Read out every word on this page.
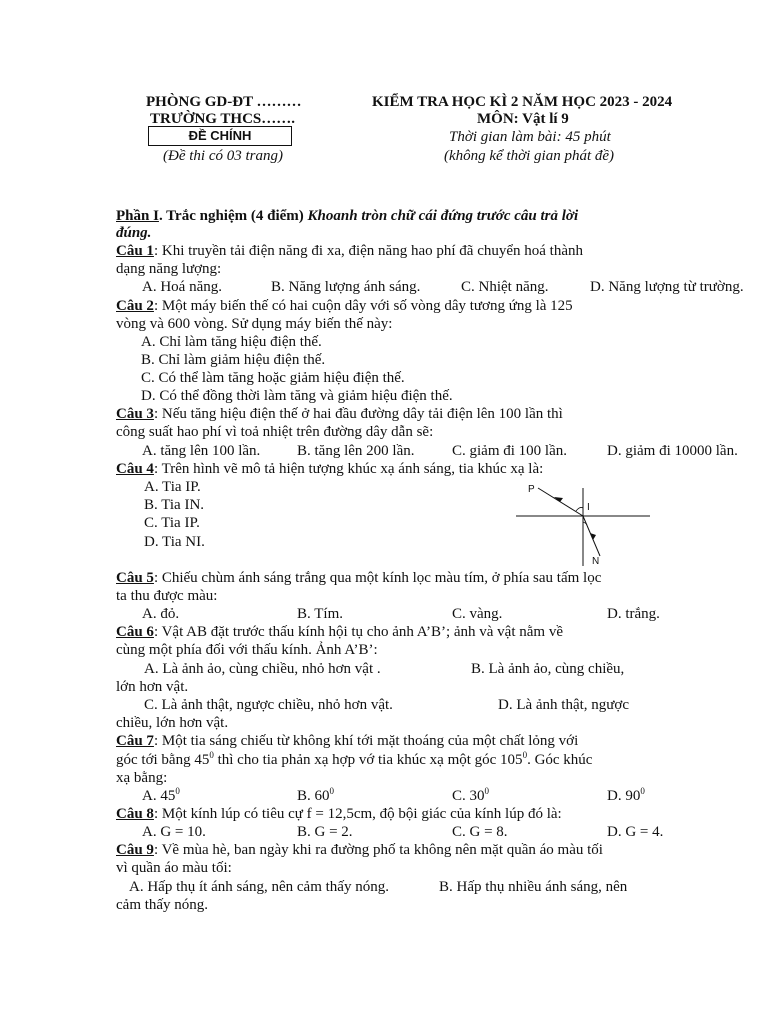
PHÒNG GD-ĐT ………
TRƯỜNG THCS…….
ĐỀ CHÍNH
(Đề thi có 03 trang)
KIỂM TRA HỌC KÌ 2 NĂM HỌC 2023 - 2024
MÔN: Vật lí 9
Thời gian làm bài: 45 phút
(không kể thời gian phát đề)
Phần I. Trắc nghiệm (4 điểm) Khoanh tròn chữ cái đứng trước câu trả lời
đúng.
Câu 1: Khi truyền tải điện năng đi xa, điện năng hao phí đã chuyển hoá thành
dạng năng lượng:
A. Hoá năng.	B. Năng lượng ánh sáng.	C. Nhiệt năng.	D. Năng lượng từ trường.
Câu 2: Một máy biến thế có hai cuộn dây với số vòng dây tương ứng là 125
vòng và 600 vòng. Sử dụng máy biến thế này:
A. Chỉ làm tăng hiệu điện thế.
B. Chỉ làm giảm hiệu điện thế.
C. Có thể làm tăng hoặc giảm hiệu điện thế.
D. Có thể đồng thời làm tăng và giảm hiệu điện thế.
Câu 3: Nếu tăng hiệu điện thế ở hai đầu đường dây tải điện lên 100 lần thì
công suất hao phí vì toả nhiệt trên đường dây dẫn sẽ:
A. tăng lên 100 lần. B. tăng lên 200 lần.	C. giảm đi 100 lần.	D. giảm đi 10000 lần.
Câu 4: Trên hình vẽ mô tả hiện tượng khúc xạ ánh sáng, tia khúc xạ là:
A. Tia IP.
B. Tia IN.
C. Tia IP.
D. Tia NI.
P
I
N
Câu 5: Chiếu chùm ánh sáng trắng qua một kính lọc màu tím, ở phía sau tấm lọc
ta thu được màu:
A. đỏ.	B. Tím.	C. vàng.	D. trắng.
Câu 6: Vật AB đặt trước thấu kính hội tụ cho ảnh A’B’; ảnh và vật nằm về
cùng một phía đối với thấu kính. Ảnh A’B’:
A. Là ảnh ảo, cùng chiều, nhỏ hơn vật .	B. Là ảnh ảo, cùng chiều,
lớn hơn vật.
C. Là ảnh thật, ngược chiều, nhỏ hơn vật.	D. Là ảnh thật, ngược
chiều, lớn hơn vật.
Câu 7: Một tia sáng chiếu từ không khí tới mặt thoáng của một chất lỏng với
góc tới bằng $45^0$ thì cho tia phản xạ hợp vớ tia khúc xạ một góc $105^0$. Góc khúc
xạ bằng:
A. $45^0$	B. $60^0$	C. $30^0$	D. $90^0$
Câu 8: Một kính lúp có tiêu cự f = 12,5cm, độ bội giác của kính lúp đó là:
A. G = 10.	B. G = 2.	C. G = 8.	D. G = 4.
Câu 9: Về mùa hè, ban ngày khi ra đường phố ta không nên mặt quần áo màu tối
vì quần áo màu tối:
A. Hấp thụ ít ánh sáng, nên cảm thấy nóng.	B. Hấp thụ nhiều ánh sáng, nên
cảm thấy nóng.
